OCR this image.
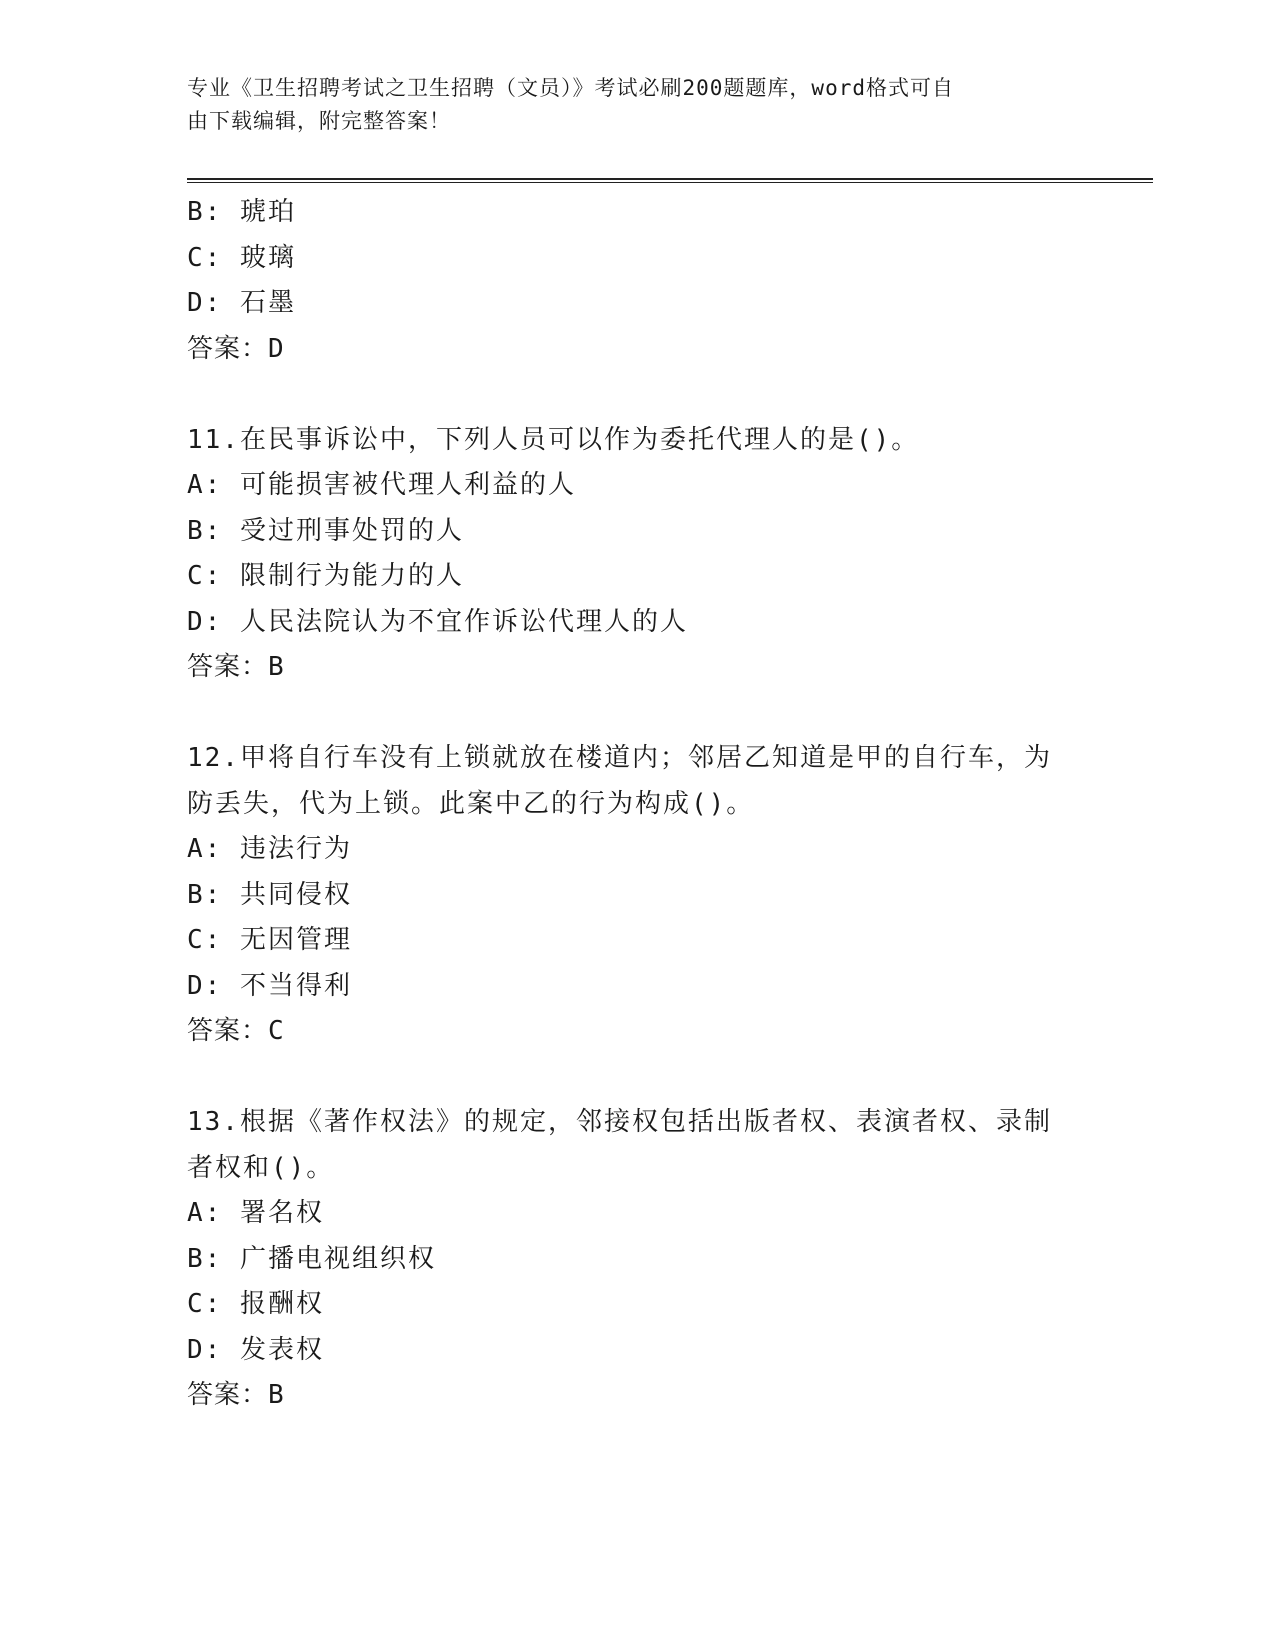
专业《卫生招聘考试之卫生招聘（文员）》考试必刷200题题库，word格式可自
由下载编辑，附完整答案！
B: 琥珀
C: 玻璃
D: 石墨
答案：D
11.在民事诉讼中，下列人员可以作为委托代理人的是()。
A: 可能损害被代理人利益的人
B: 受过刑事处罚的人
C: 限制行为能力的人
D: 人民法院认为不宜作诉讼代理人的人
答案：B
12.甲将自行车没有上锁就放在楼道内；邻居乙知道是甲的自行车，为
防丢失，代为上锁。此案中乙的行为构成()。
A: 违法行为
B: 共同侵权
C: 无因管理
D: 不当得利
答案：C
13.根据《著作权法》的规定，邻接权包括出版者权、表演者权、录制
者权和()。
A: 署名权
B: 广播电视组织权
C: 报酬权
D: 发表权
答案：B
